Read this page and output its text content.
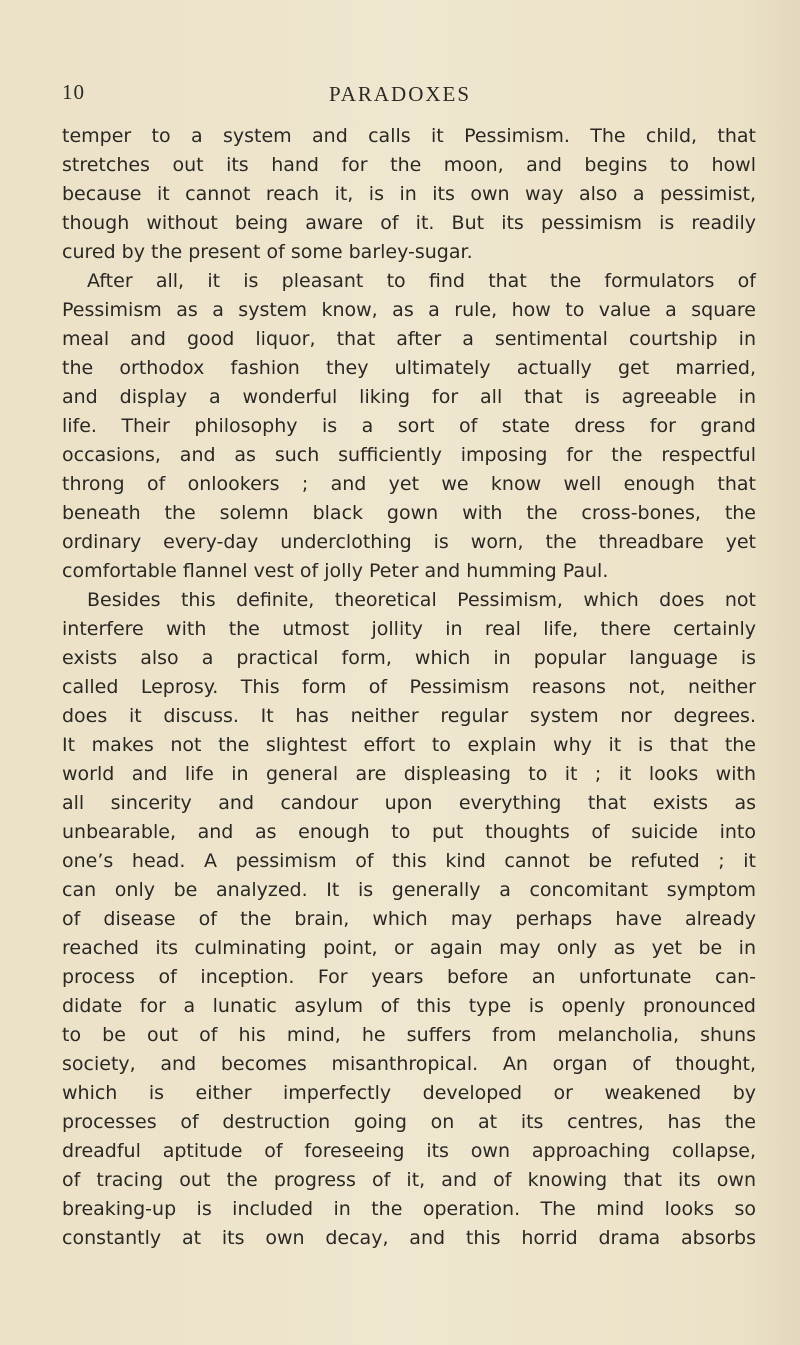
10	PARADOXES
temper to a system and calls it Pessimism. The child, that
stretches out its hand for the moon, and begins to howl
because it cannot reach it, is in its own way also a pessimist,
though without being aware of it. But its pessimism is readily
cured by the present of some barley-sugar.
After all, it is pleasant to find that the formulators of
Pessimism as a system know, as a rule, how to value a square
meal and good liquor, that after a sentimental courtship in
the orthodox fashion they ultimately actually get married,
and display a wonderful liking for all that is agreeable in
life. Their philosophy is a sort of state dress for grand
occasions, and as such sufficiently imposing for the respectful
throng of onlookers ; and yet we know well enough that
beneath the solemn black gown with the cross-bones, the
ordinary every-day underclothing is worn, the threadbare yet
comfortable flannel vest of jolly Peter and humming Paul.
Besides this definite, theoretical Pessimism, which does not
interfere with the utmost jollity in real life, there certainly
exists also a practical form, which in popular language is
called Leprosy. This form of Pessimism reasons not, neither
does it discuss. It has neither regular system nor degrees.
It makes not the slightest effort to explain why it is that the
world and life in general are displeasing to it ; it looks with
all sincerity and candour upon everything that exists as
unbearable, and as enough to put thoughts of suicide into
one’s head. A pessimism of this kind cannot be refuted ; it
can only be analyzed. It is generally a concomitant symptom
of disease of the brain, which may perhaps have already
reached its culminating point, or again may only as yet be in
process of inception. For years before an unfortunate can-
didate for a lunatic asylum of this type is openly pronounced
to be out of his mind, he suffers from melancholia, shuns
society, and becomes misanthropical. An organ of thought,
which is either imperfectly developed or weakened by
processes of destruction going on at its centres, has the
dreadful aptitude of foreseeing its own approaching collapse,
of tracing out the progress of it, and of knowing that its own
breaking-up is included in the operation. The mind looks so
constantly at its own decay, and this horrid drama absorbs
